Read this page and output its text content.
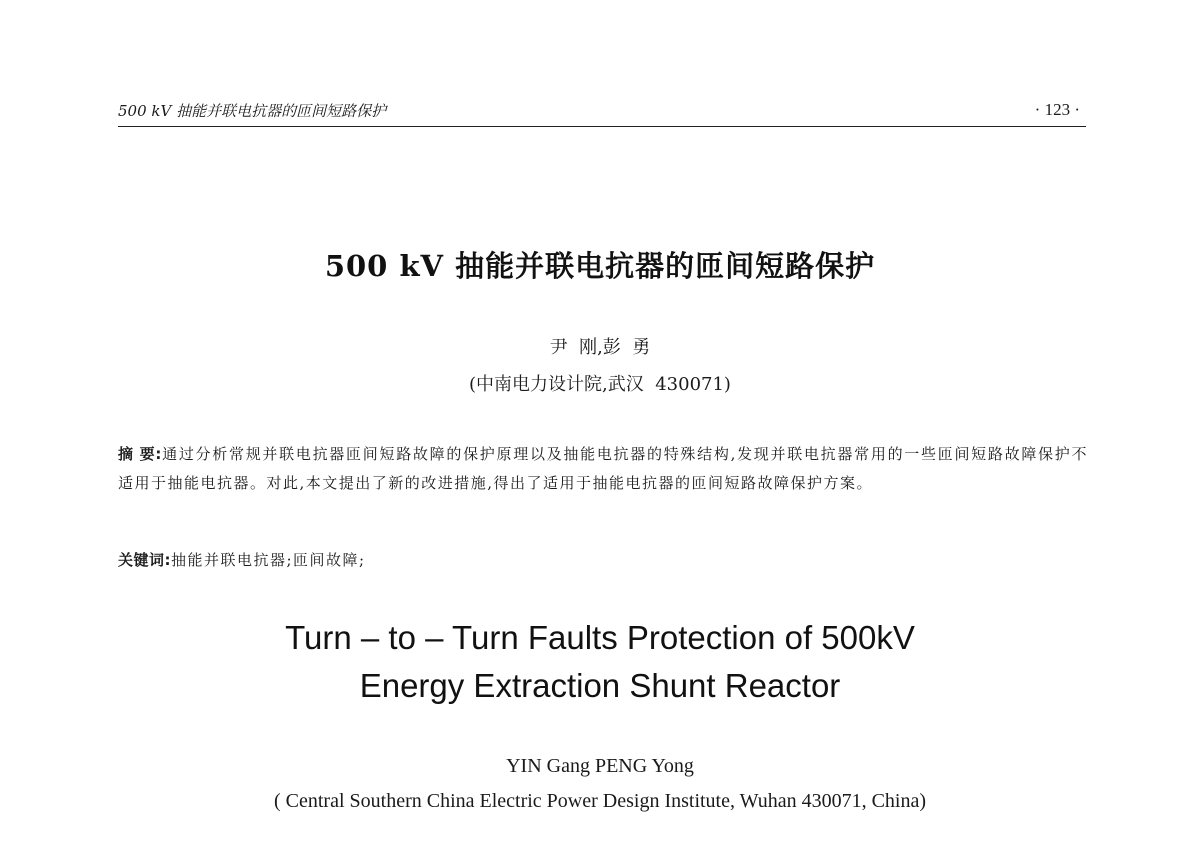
500 kV 抽能并联电抗器的匝间短路保护	· 123 ·
500 kV 抽能并联电抗器的匝间短路保护
尹  刚,彭  勇
(中南电力设计院,武汉  430071)
摘 要:通过分析常规并联电抗器匝间短路故障的保护原理以及抽能电抗器的特殊结构,发现并联电抗器常用的一些匝间短路故障保护不适用于抽能电抗器。对此,本文提出了新的改进措施,得出了适用于抽能电抗器的匝间短路故障保护方案。
关键词:抽能并联电抗器;匝间故障;
Turn – to – Turn Faults Protection of 500kV
Energy Extraction Shunt Reactor
YIN Gang PENG Yong
( Central Southern China Electric Power Design Institute, Wuhan 430071, China)
